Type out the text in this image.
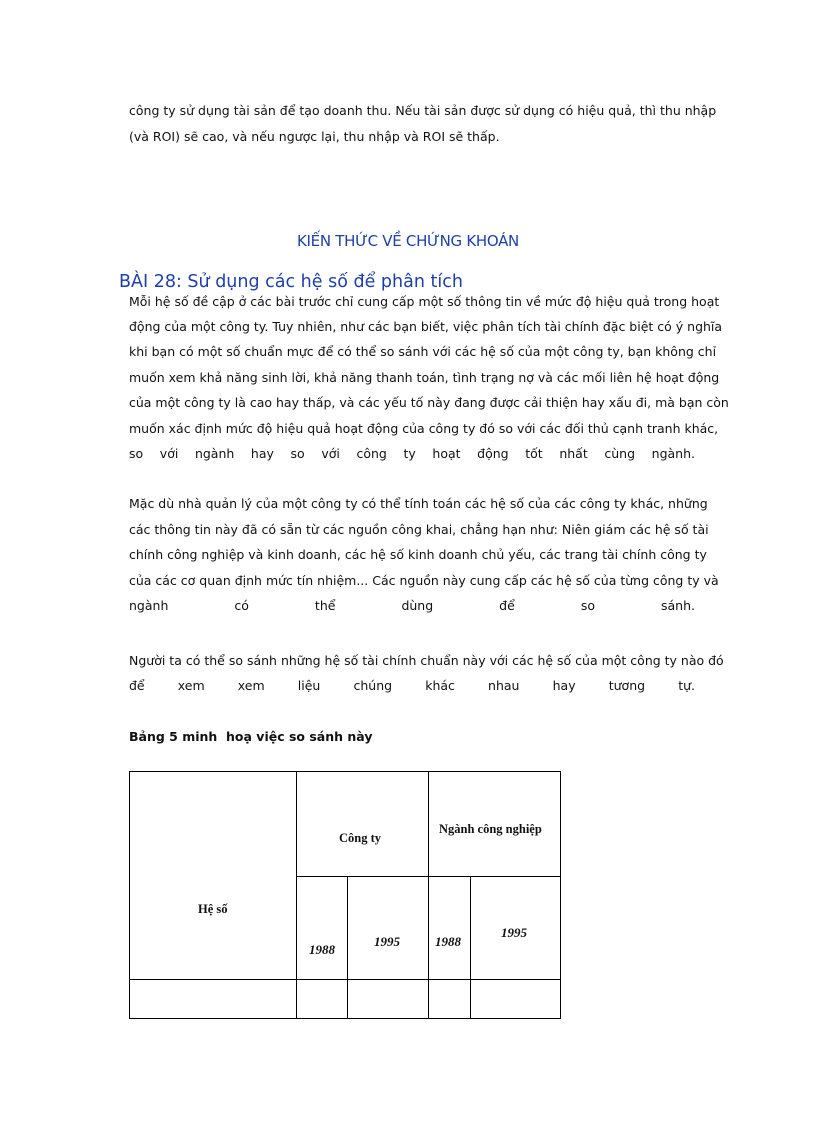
công ty sử dụng tài sản để tạo doanh thu. Nếu tài sản được sử dụng có hiệu quả, thì thu nhập
(và ROI) sẽ cao, và nếu ngược lại, thu nhập và ROI sẽ thấp.
KIẾN THỨC VỀ CHỨNG KHOÁN
BÀI 28: Sử dụng các hệ số để phân tích
Mỗi hệ số đề cập ở các bài trước chỉ cung cấp một số thông tin về mức độ hiệu quả trong hoạt
động của một công ty. Tuy nhiên, như các bạn biết, việc phân tích tài chính đặc biệt có ý nghĩa
khi bạn có một số chuẩn mực để có thể so sánh với các hệ số của một công ty, bạn không chỉ
muốn xem khả năng sinh lời, khả năng thanh toán, tình trạng nợ và các mối liên hệ hoạt động
của một công ty là cao hay thấp, và các yếu tố này đang được cải thiện hay xấu đi, mà bạn còn
muốn xác định mức độ hiệu quả hoạt động của công ty đó so với các đối thủ cạnh tranh khác,
so với ngành hay so với công ty hoạt động tốt nhất cùng ngành.
Mặc dù nhà quản lý của một công ty có thể tính toán các hệ số của các công ty khác, những
các thông tin này đã có sẵn từ các nguồn công khai, chẳng hạn như: Niên giám các hệ số tài
chính công nghiệp và kinh doanh, các hệ số kinh doanh chủ yếu, các trang tài chính công ty
của các cơ quan định mức tín nhiệm... Các nguồn này cung cấp các hệ số của từng công ty và
ngành có thể dùng để so sánh.
Người ta có thể so sánh những hệ số tài chính chuẩn này với các hệ số của một công ty nào đó
để xem xem liệu chúng khác nhau hay tương tự.
Bảng 5 minh  hoạ việc so sánh này
Hệ số
Công ty
Ngành công nghiệp
1988
1995	1988
1995
